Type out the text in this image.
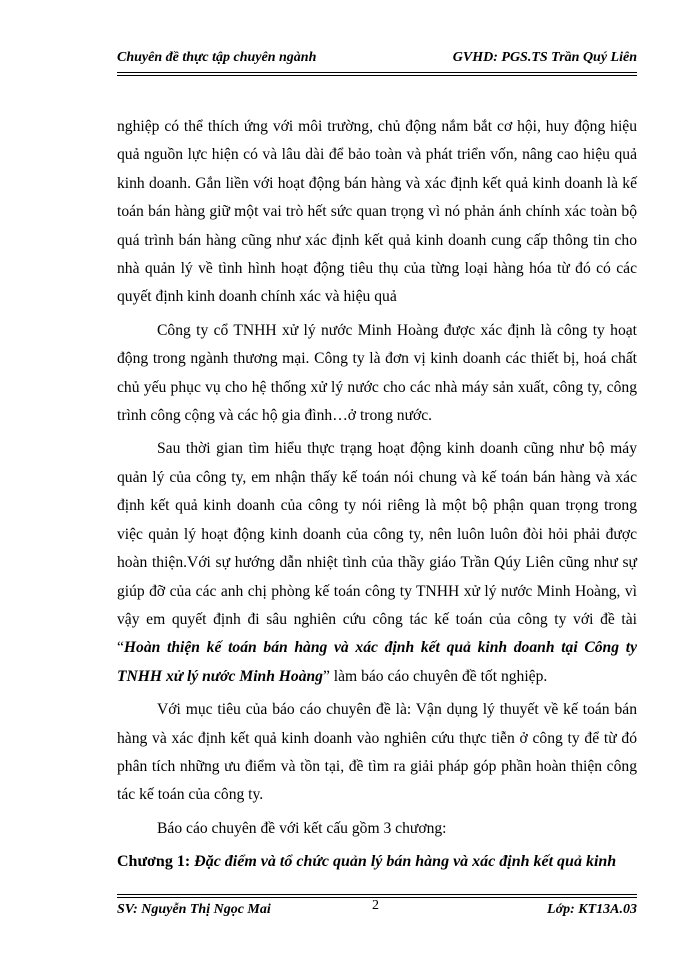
Chuyên đề thực tập chuyên ngành	GVHD: PGS.TS Trần Quý Liên

nghiệp có thể thích ứng với môi trường, chủ động nắm bắt cơ hội, huy động hiệu quả nguồn lực hiện có và lâu dài để bảo toàn và phát triển vốn, nâng cao hiệu quả kinh doanh. Gắn liền với hoạt động bán hàng và xác định kết quả kinh doanh là kế toán bán hàng giữ một vai trò hết sức quan trọng vì nó phản ánh chính xác toàn bộ quá trình bán hàng cũng như xác định kết quả kinh doanh cung cấp thông tin cho nhà quản lý về tình hình hoạt động tiêu thụ của từng loại hàng hóa từ đó có các quyết định kinh doanh chính xác và hiệu quả

Công ty cổ TNHH xử lý nước Minh Hoàng được xác định là công ty hoạt động trong ngành thương mại. Công ty là đơn vị kinh doanh các thiết bị, hoá chất chủ yếu phục vụ cho hệ thống xử lý nước cho các nhà máy sản xuất, công ty, công trình công cộng và các hộ gia đình…ở trong nước.

Sau thời gian tìm hiểu thực trạng hoạt động kinh doanh cũng như bộ máy quản lý của công ty, em nhận thấy kế toán nói chung và kế toán bán hàng và xác định kết quả kinh doanh của công ty nói riêng là một bộ phận quan trọng trong việc quản lý hoạt động kinh doanh của công ty, nên luôn luôn đòi hỏi phải được hoàn thiện.Với sự hướng dẫn nhiệt tình của thầy giáo Trần Qúy Liên cũng như sự giúp đỡ của các anh chị phòng kế toán công ty TNHH xử lý nước Minh Hoàng, vì vậy em quyết định đi sâu nghiên cứu công tác kế toán của công ty với đề tài “Hoàn thiện kế toán bán hàng và xác định kết quả kinh doanh tại Công ty TNHH xử lý nước Minh Hoàng” làm báo cáo chuyên đề tốt nghiệp.

Với mục tiêu của báo cáo chuyên đề là: Vận dụng lý thuyết về kế toán bán hàng và xác định kết quả kinh doanh vào nghiên cứu thực tiễn ở công ty để từ đó phân tích những ưu điểm và tồn tại, đề tìm ra giải pháp góp phần hoàn thiện công tác kế toán của công ty.

Báo cáo chuyên đề với kết cấu gồm 3 chương:

Chương 1: Đặc điểm và tổ chức quản lý bán hàng và xác định kết quả kinh

SV: Nguyễn Thị Ngọc Mai	2	Lớp: KT13A.03
